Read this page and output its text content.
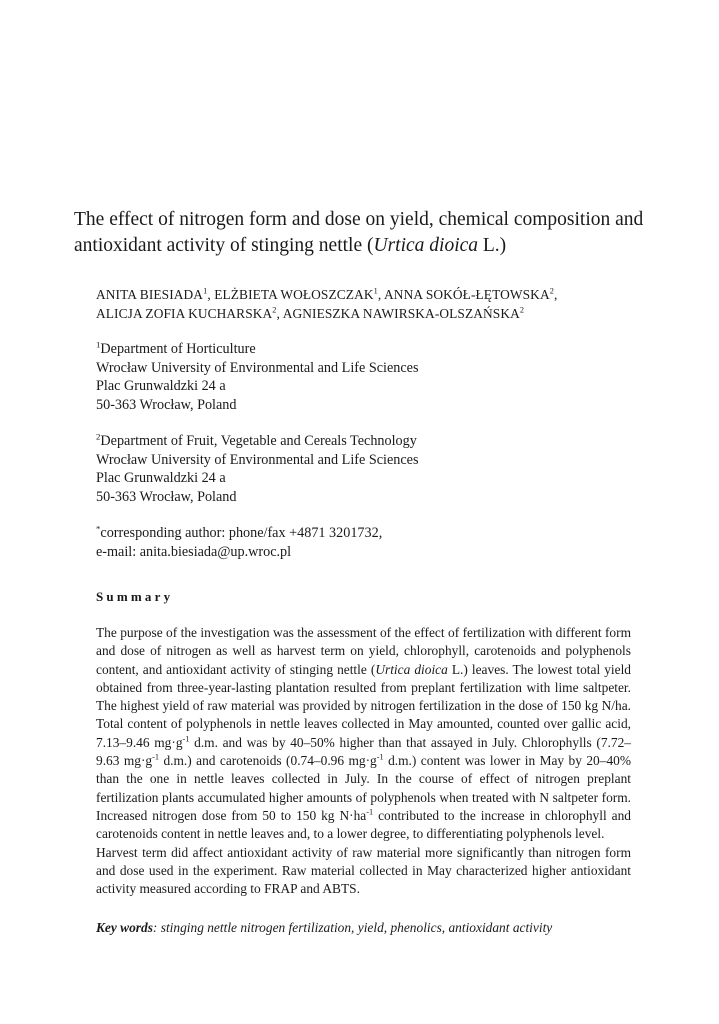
The effect of nitrogen form and dose on yield, chemical composition and
antioxidant activity of stinging nettle (Urtica dioica L.)
ANITA BIESIADA$^1$, ELŻBIETA WOŁOSZCZAK$^1$, ANNA SOKÓŁ-ŁĘTOWSKA$^2$,
ALICJA ZOFIA KUCHARSKA$^2$, AGNIESZKA NAWIRSKA-OLSZAŃSKA$^2$
$^1$Department of Horticulture
Wrocław University of Environmental and Life Sciences
Plac Grunwaldzki 24 a
50-363 Wrocław, Poland
$^2$Department of Fruit, Vegetable and Cereals Technology
Wrocław University of Environmental and Life Sciences
Plac Grunwaldzki 24 a
50-363 Wrocław, Poland
*corresponding author: phone/fax +4871 3201732,
e-mail: anita.biesiada@up.wroc.pl
Summary

The purpose of the investigation was the assessment of the effect of fertilization with different form and dose of nitrogen as well as harvest term on yield, chlorophyll, carotenoids and polyphenols content, and antioxidant activity of stinging nettle (Urtica dioica L.) leaves. The lowest total yield obtained from three-year-lasting plantation resulted from preplant fertilization with lime saltpeter. The highest yield of raw material was provided by nitrogen fertilization in the dose of 150 kg N/ha. Total content of polyphenols in nettle leaves collected in May amounted, counted over gallic acid, 7.13–9.46 $mg\cdot g^{-1}$ d.m. and was by 40–50% higher than that assayed in July. Chlorophylls (7.72–9.63 $mg\cdot g^{-1}$ d.m.) and carotenoids (0.74–0.96 $mg\cdot g^{-1}$ d.m.) content was lower in May by 20–40% than the one in nettle leaves collected in July. In the course of effect of nitrogen preplant fertilization plants accumulated higher amounts of polyphenols when treated with N saltpeter form. Increased nitrogen dose from 50 to 150 kg $N\cdot ha^{-1}$ contributed to the increase in chlorophyll and carotenoids content in nettle leaves and, to a lower degree, to differentiating polyphenols level.

Harvest term did affect antioxidant activity of raw material more significantly than nitrogen form and dose used in the experiment. Raw material collected in May characterized higher antioxidant activity measured according to FRAP and ABTS.

Key words: stinging nettle nitrogen fertilization, yield, phenolics, antioxidant activity
